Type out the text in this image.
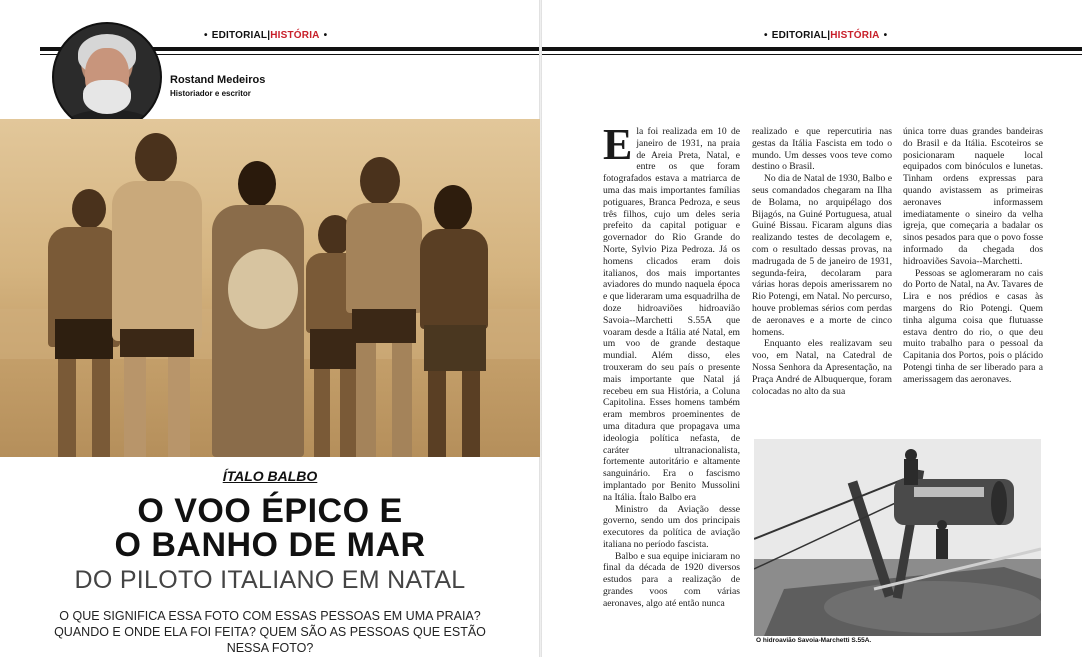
• EDITORIAL|HISTÓRIA •	• EDITORIAL|HISTÓRIA •
Rostand Medeiros
Historiador e escritor
ÍTALO BALBO
O VOO ÉPICO E
O BANHO DE MAR
DO PILOTO ITALIANO EM NATAL
O QUE SIGNIFICA ESSA FOTO COM ESSAS PESSOAS EM UMA PRAIA? QUANDO E ONDE ELA FOI FEITA? QUEM SÃO AS PESSOAS QUE ESTÃO NESSA FOTO?

Ela foi realizada em 10 de janeiro de 1931, na praia de Areia Preta, Natal, e entre os que foram fotografados estava a matriarca de uma das mais importantes famílias potiguares, Branca Pedroza, e seus três filhos, cujo um deles seria prefeito da capital potiguar e governador do Rio Grande do Norte, Sylvio Piza Pedroza. Já os homens clicados eram dois italianos, dos mais importantes aviadores do mundo naquela época e que lideraram uma esquadrilha de doze hidroaviões hidroavião Savoia--Marchetti S.55A que voaram desde a Itália até Natal, em um voo de grande destaque mundial. Além disso, eles trouxeram do seu país o presente mais importante que Natal já recebeu em sua História, a Coluna Capitolina. Esses homens também eram membros proeminentes de uma ditadura que propagava uma ideologia política nefasta, de caráter ultranacionalista, fortemente autoritário e altamente sanguinário. Era o fascismo implantado por Benito Mussolini na Itália. Ítalo Balbo era

Ministro da Aviação desse governo, sendo um dos principais executores da política de aviação italiana no período fascista.

Balbo e sua equipe iniciaram no final da década de 1920 diversos estudos para a realização de grandes voos com várias aeronaves, algo até então nunca

realizado e que repercutiria nas gestas da Itália Fascista em todo o mundo. Um desses voos teve como destino o Brasil.

No dia de Natal de 1930, Balbo e seus comandados chegaram na Ilha de Bolama, no arquipélago dos Bijagós, na Guiné Portuguesa, atual Guiné Bissau. Ficaram alguns dias realizando testes de decolagem e, com o resultado dessas provas, na madrugada de 5 de janeiro de 1931, segunda-feira, decolaram para várias horas depois amerissarem no Rio Potengi, em Natal. No percurso, houve problemas sérios com perdas de aeronaves e a morte de cinco homens.

Enquanto eles realizavam seu voo, em Natal, na Catedral de Nossa Senhora da Apresentação, na Praça André de Albuquerque, foram colocadas no alto da sua

única torre duas grandes bandeiras do Brasil e da Itália. Escoteiros se posicionaram naquele local equipados com binóculos e lunetas. Tinham ordens expressas para quando avistassem as primeiras aeronaves informassem imediatamente o sineiro da velha igreja, que começaria a badalar os sinos pesados para que o povo fosse informado da chegada dos hidroaviões Savoia--Marchetti.

Pessoas se aglomeraram no cais do Porto de Natal, na Av. Tavares de Lira e nos prédios e casas às margens do Rio Potengi. Quem tinha alguma coisa que flutuasse estava dentro do rio, o que deu muito trabalho para o pessoal da Capitania dos Portos, pois o plácido Potengi tinha de ser liberado para a amerissagem das aeronaves.

O hidroavião Savoia-Marchetti S.55A.
